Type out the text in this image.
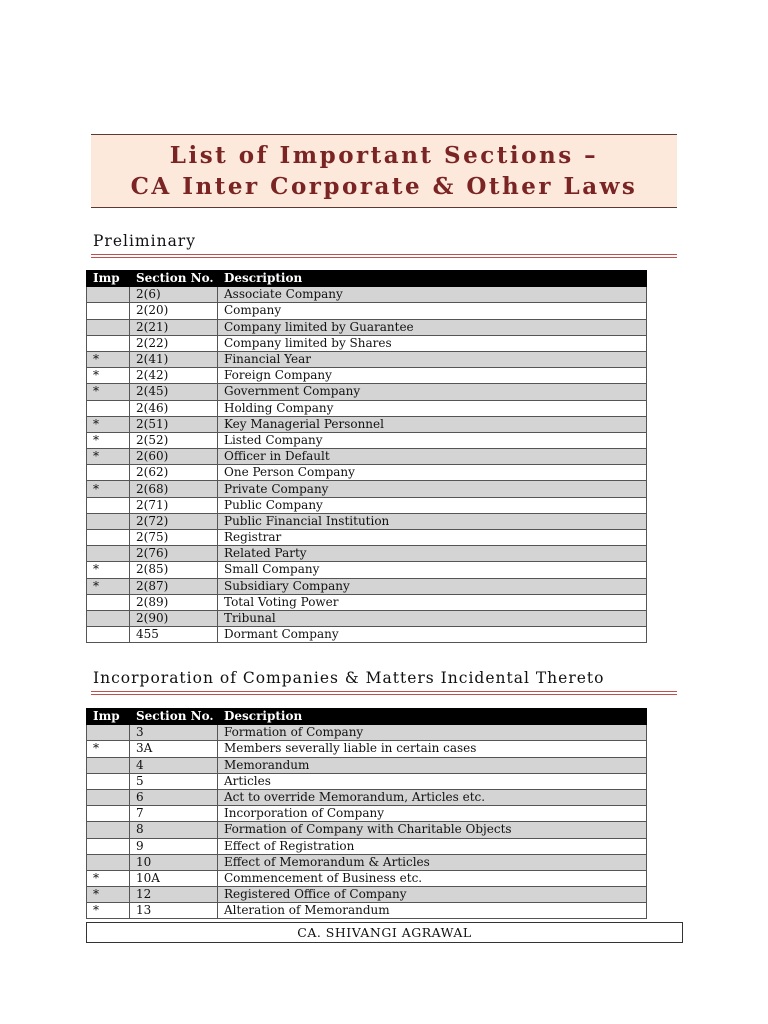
List of Important Sections –
CA Inter Corporate & Other Laws
Preliminary
Imp	Section No.	Description
	2(6)	Associate Company
	2(20)	Company
	2(21)	Company limited by Guarantee
	2(22)	Company limited by Shares
*	2(41)	Financial Year
*	2(42)	Foreign Company
*	2(45)	Government Company
	2(46)	Holding Company
*	2(51)	Key Managerial Personnel
*	2(52)	Listed Company
*	2(60)	Officer in Default
	2(62)	One Person Company
*	2(68)	Private Company
	2(71)	Public Company
	2(72)	Public Financial Institution
	2(75)	Registrar
	2(76)	Related Party
*	2(85)	Small Company
*	2(87)	Subsidiary Company
	2(89)	Total Voting Power
	2(90)	Tribunal
	455	Dormant Company
Incorporation of Companies & Matters Incidental Thereto
Imp	Section No.	Description
	3	Formation of Company
*	3A	Members severally liable in certain cases
	4	Memorandum
	5	Articles
	6	Act to override Memorandum, Articles etc.
	7	Incorporation of Company
	8	Formation of Company with Charitable Objects
	9	Effect of Registration
	10	Effect of Memorandum & Articles
*	10A	Commencement of Business etc.
*	12	Registered Office of Company
*	13	Alteration of Memorandum
CA. SHIVANGI AGRAWAL
